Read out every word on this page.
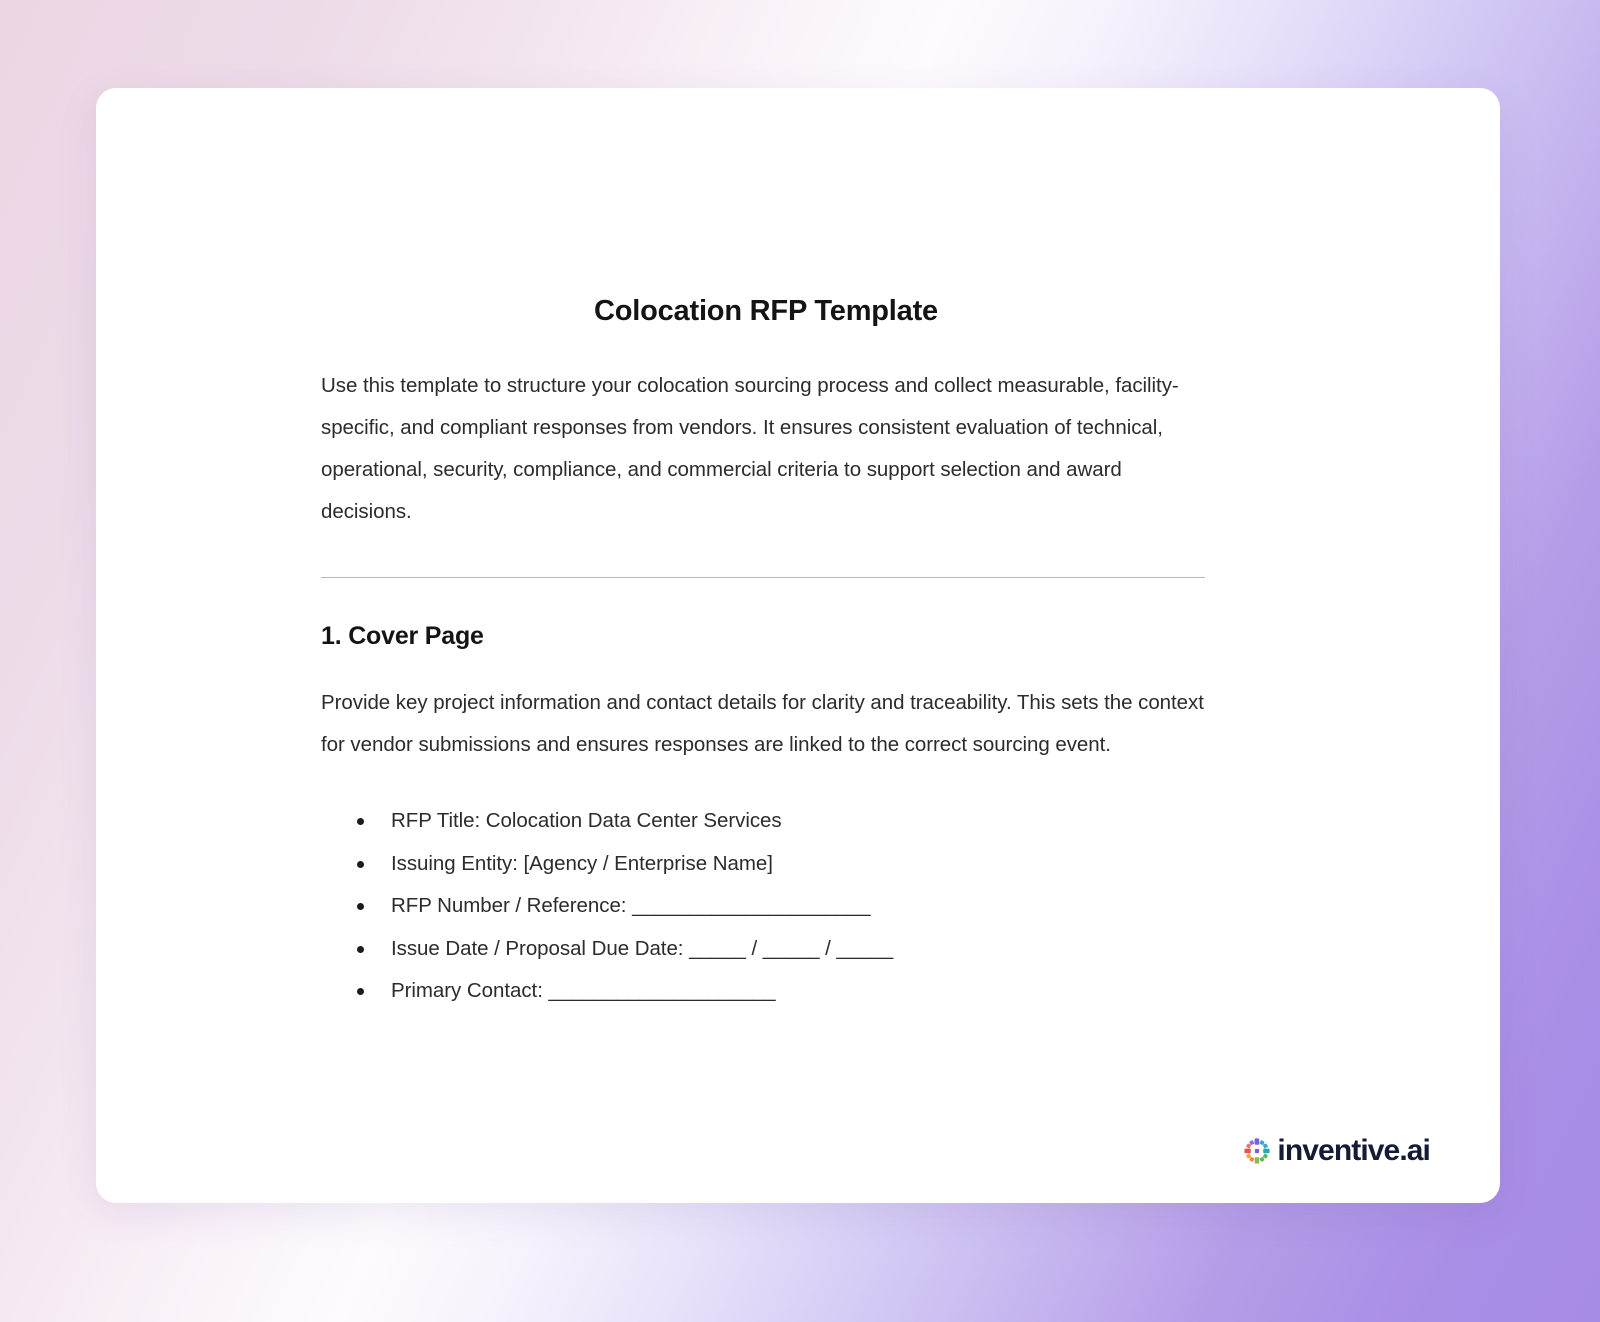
Colocation RFP Template

Use this template to structure your colocation sourcing process and collect measurable, facility-specific, and compliant responses from vendors. It ensures consistent evaluation of technical, operational, security, compliance, and commercial criteria to support selection and award decisions.

1. Cover Page

Provide key project information and contact details for clarity and traceability. This sets the context for vendor submissions and ensures responses are linked to the correct sourcing event.

RFP Title: Colocation Data Center Services
Issuing Entity: [Agency / Enterprise Name]
RFP Number / Reference: _____________________
Issue Date / Proposal Due Date: _____ / _____ / _____
Primary Contact: ____________________
inventive.ai
